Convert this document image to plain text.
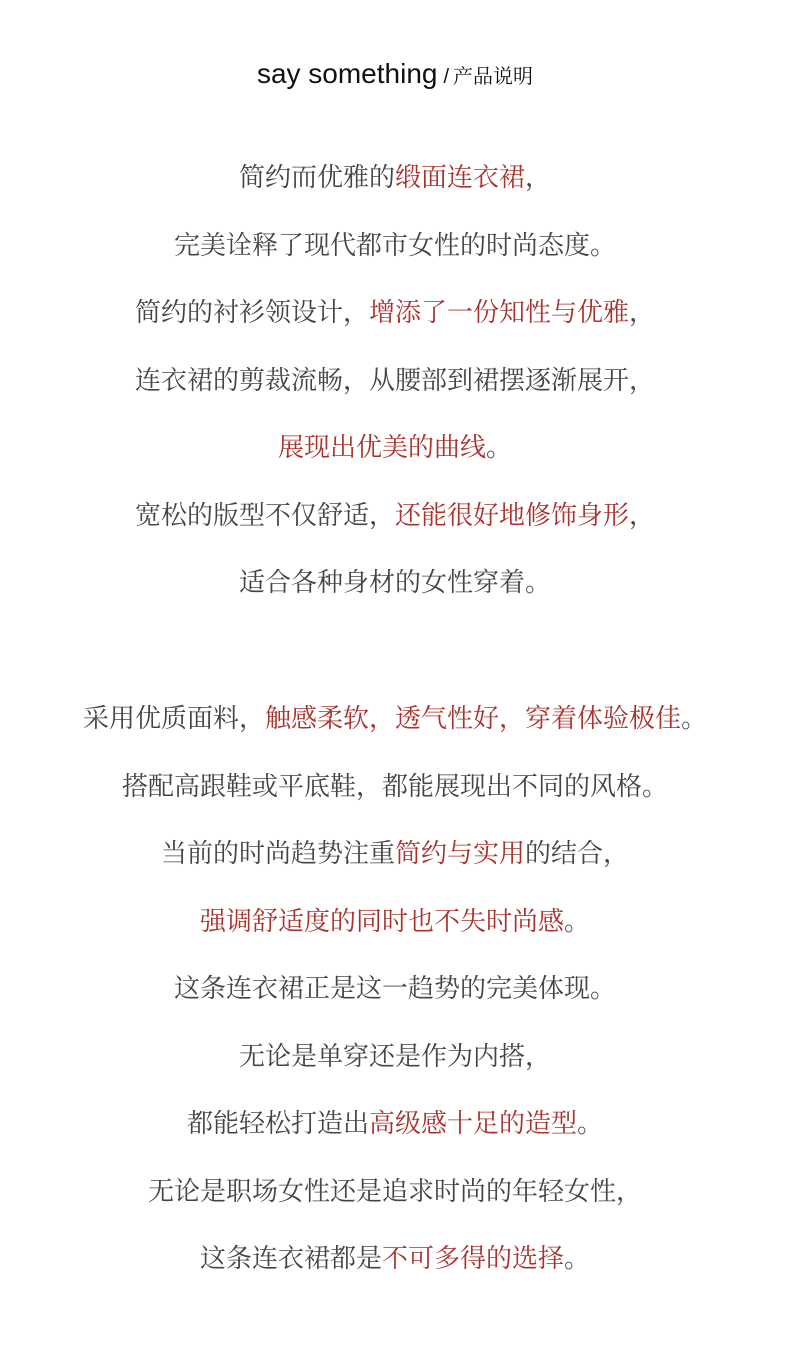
say something / 产品说明
简约而优雅的缎面连衣裙，
完美诠释了现代都市女性的时尚态度。
简约的衬衫领设计，增添了一份知性与优雅，
连衣裙的剪裁流畅，从腰部到裙摆逐渐展开，
展现出优美的曲线。
宽松的版型不仅舒适，还能很好地修饰身形，
适合各种身材的女性穿着。
采用优质面料，触感柔软，透气性好，穿着体验极佳。
搭配高跟鞋或平底鞋，都能展现出不同的风格。
当前的时尚趋势注重简约与实用的结合，
强调舒适度的同时也不失时尚感。
这条连衣裙正是这一趋势的完美体现。
无论是单穿还是作为内搭，
都能轻松打造出高级感十足的造型。
无论是职场女性还是追求时尚的年轻女性，
这条连衣裙都是不可多得的选择。
